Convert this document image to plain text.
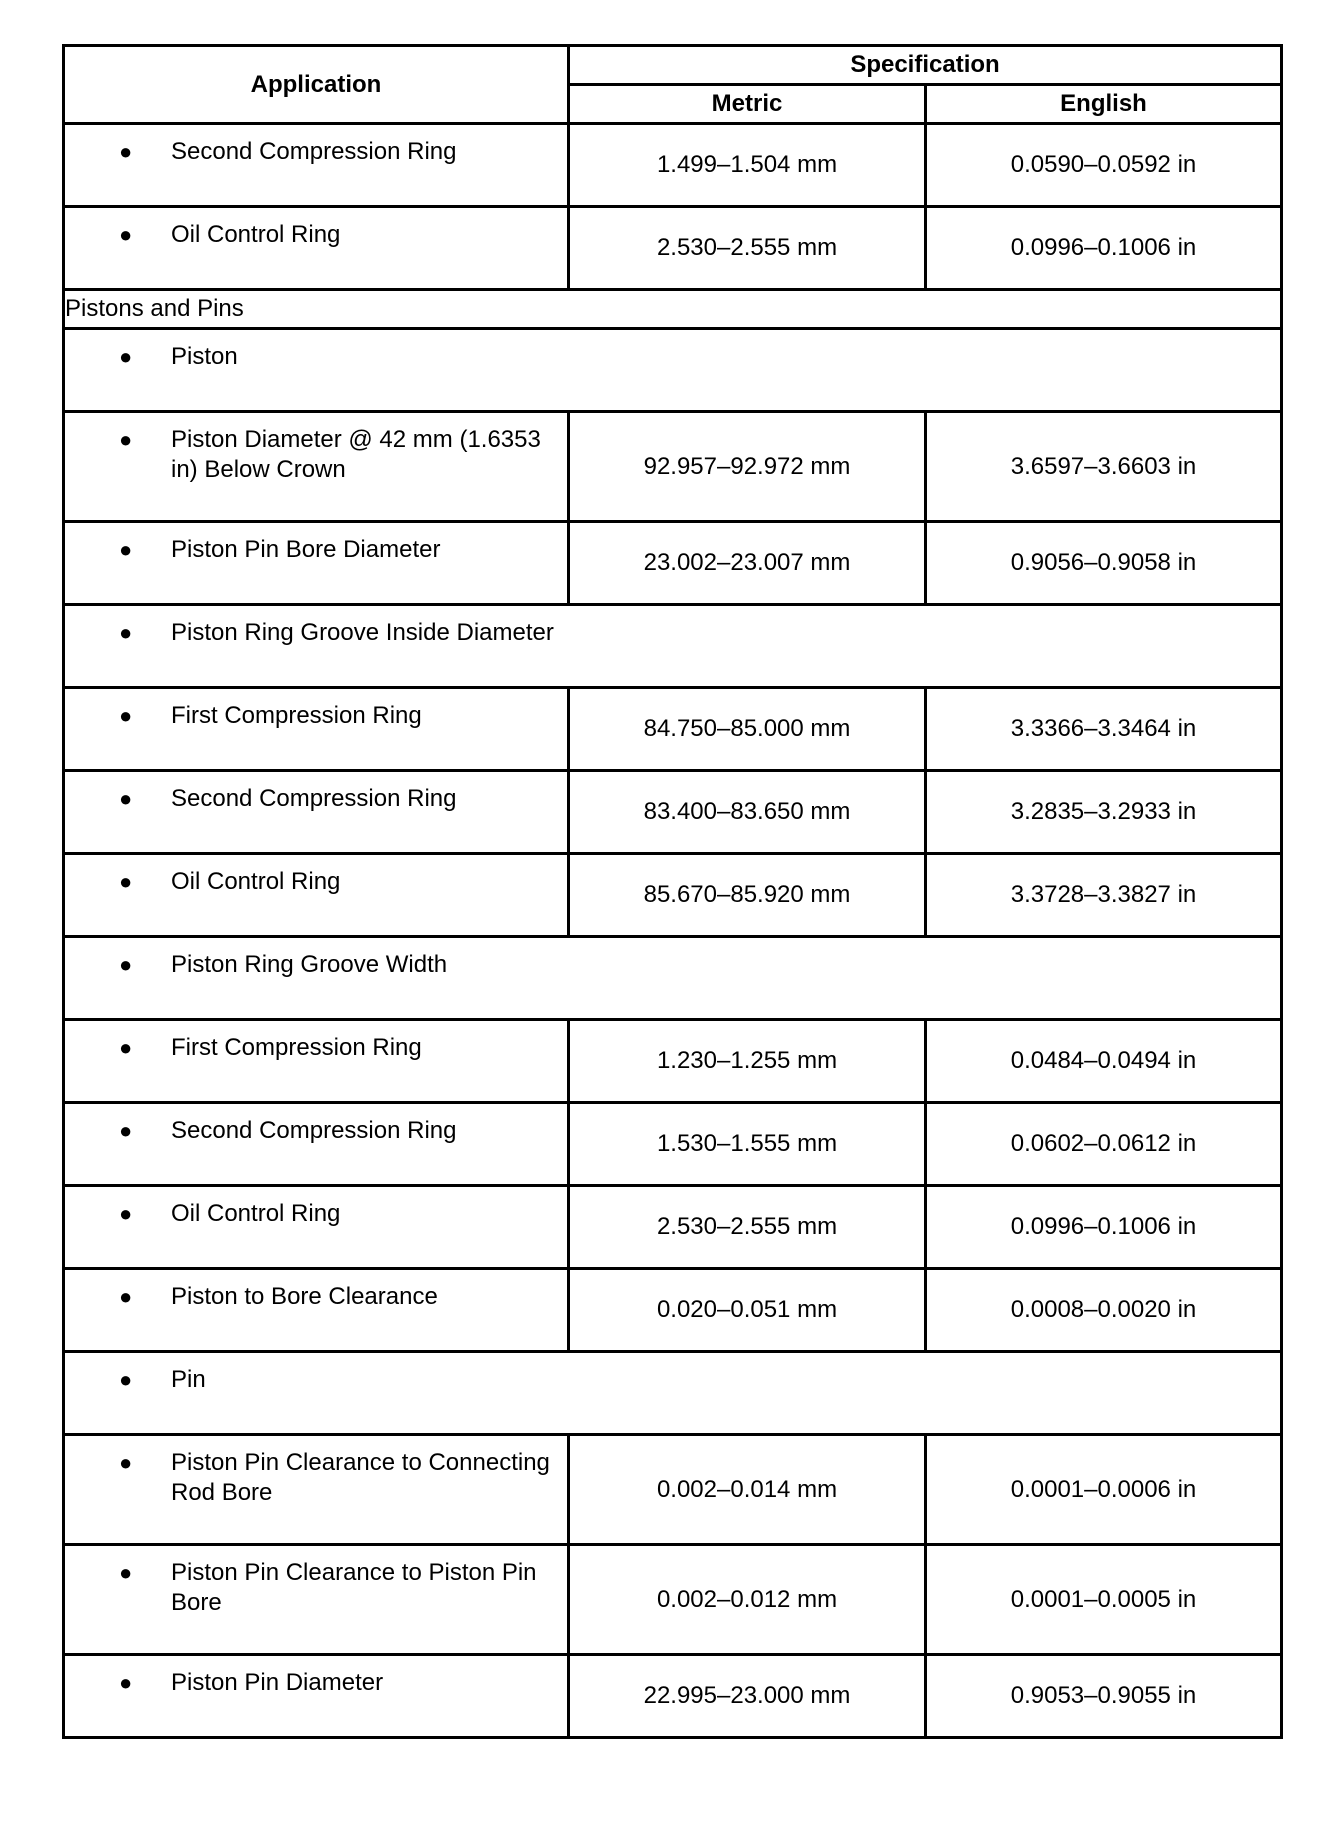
Application	Specification	
	Metric	English

● Second Compression Ring	1.499–1.504 mm	0.0590–0.0592 in

● Oil Control Ring	2.530–2.555 mm	0.0996–0.1006 in
Pistons and Pins		

● Piston		

● Piston Diameter @ 42 mm (1.6353 in) Below Crown	92.957–92.972 mm	3.6597–3.6603 in

● Piston Pin Bore Diameter	23.002–23.007 mm	0.9056–0.9058 in

● Piston Ring Groove Inside Diameter		

● First Compression Ring	84.750–85.000 mm	3.3366–3.3464 in

● Second Compression Ring	83.400–83.650 mm	3.2835–3.2933 in

● Oil Control Ring	85.670–85.920 mm	3.3728–3.3827 in

● Piston Ring Groove Width		

● First Compression Ring	1.230–1.255 mm	0.0484–0.0494 in

● Second Compression Ring	1.530–1.555 mm	0.0602–0.0612 in

● Oil Control Ring	2.530–2.555 mm	0.0996–0.1006 in

● Piston to Bore Clearance	0.020–0.051 mm	0.0008–0.0020 in

● Pin		

● Piston Pin Clearance to Connecting Rod Bore	0.002–0.014 mm	0.0001–0.0006 in

● Piston Pin Clearance to Piston Pin Bore	0.002–0.012 mm	0.0001–0.0005 in

● Piston Pin Diameter	22.995–23.000 mm	0.9053–0.9055 in
